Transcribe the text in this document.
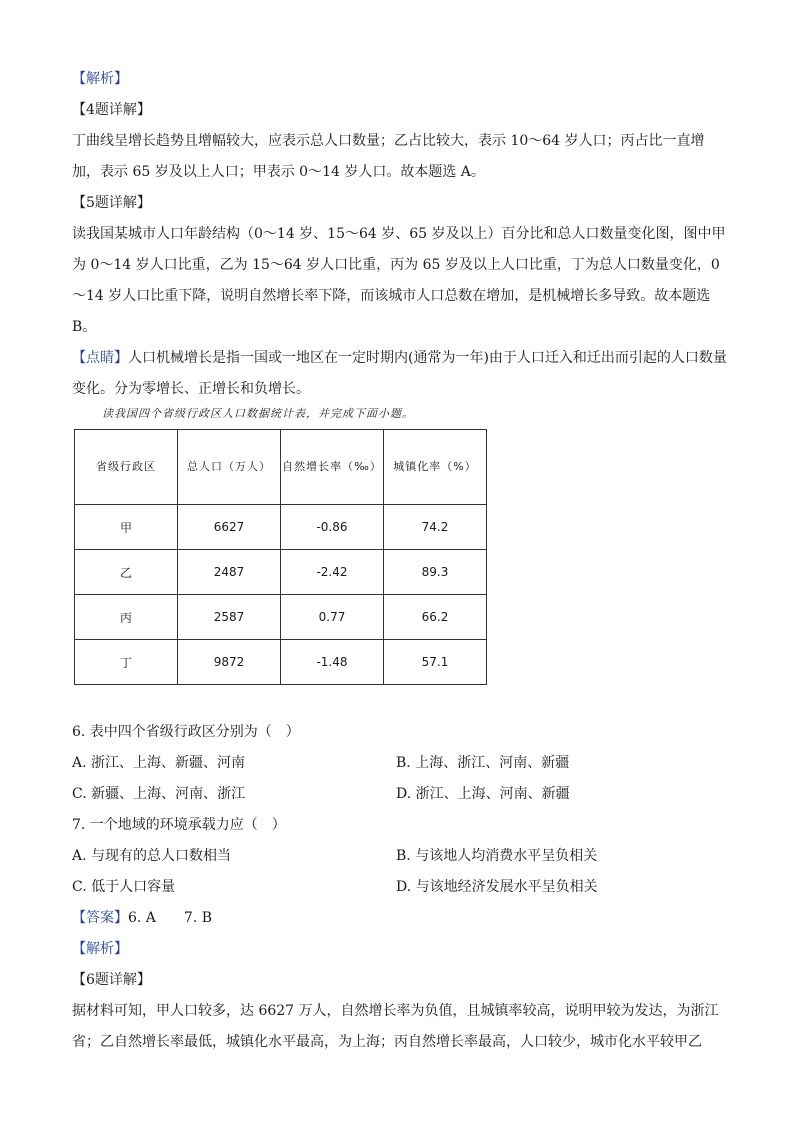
【解析】

【4题详解】

丁曲线呈增长趋势且增幅较大，应表示总人口数量；乙占比较大，表示 10～64 岁人口；丙占比一直增加，表示 65 岁及以上人口；甲表示 0～14 岁人口。故本题选 A。

【5题详解】

读我国某城市人口年龄结构（0～14 岁、15～64 岁、65 岁及以上）百分比和总人口数量变化图，图中甲为 0～14 岁人口比重，乙为 15～64 岁人口比重，丙为 65 岁及以上人口比重，丁为总人口数量变化，0～14 岁人口比重下降，说明自然增长率下降，而该城市人口总数在增加，是机械增长多导致。故本题选 B。

【点睛】人口机械增长是指一国或一地区在一定时期内(通常为一年)由于人口迁入和迁出而引起的人口数量变化。分为零增长、正增长和负增长。

读我国四个省级行政区人口数据统计表，并完成下面小题。

省级行政区	总人口（万人）	自然增长率（‰）	城镇化率（%）
甲	6627	-0.86	74.2
乙	2487	-2.42	89.3
丙	2587	0.77	66.2
丁	9872	-1.48	57.1

6. 表中四个省级行政区分别为（　）

A. 浙江、上海、新疆、河南	B. 上海、浙江、河南、新疆
C. 新疆、上海、河南、浙江	D. 浙江、上海、河南、新疆

7. 一个地域的环境承载力应（　）

A. 与现有的总人口数相当	B. 与该地人均消费水平呈负相关
C. 低于人口容量	D. 与该地经济发展水平呈负相关

【答案】6. A　　7. B

【解析】

【6题详解】

据材料可知，甲人口较多，达 6627 万人，自然增长率为负值，且城镇率较高，说明甲较为发达，为浙江省；乙自然增长率最低，城镇化水平最高，为上海；丙自然增长率最高，人口较少，城市化水平较甲乙
